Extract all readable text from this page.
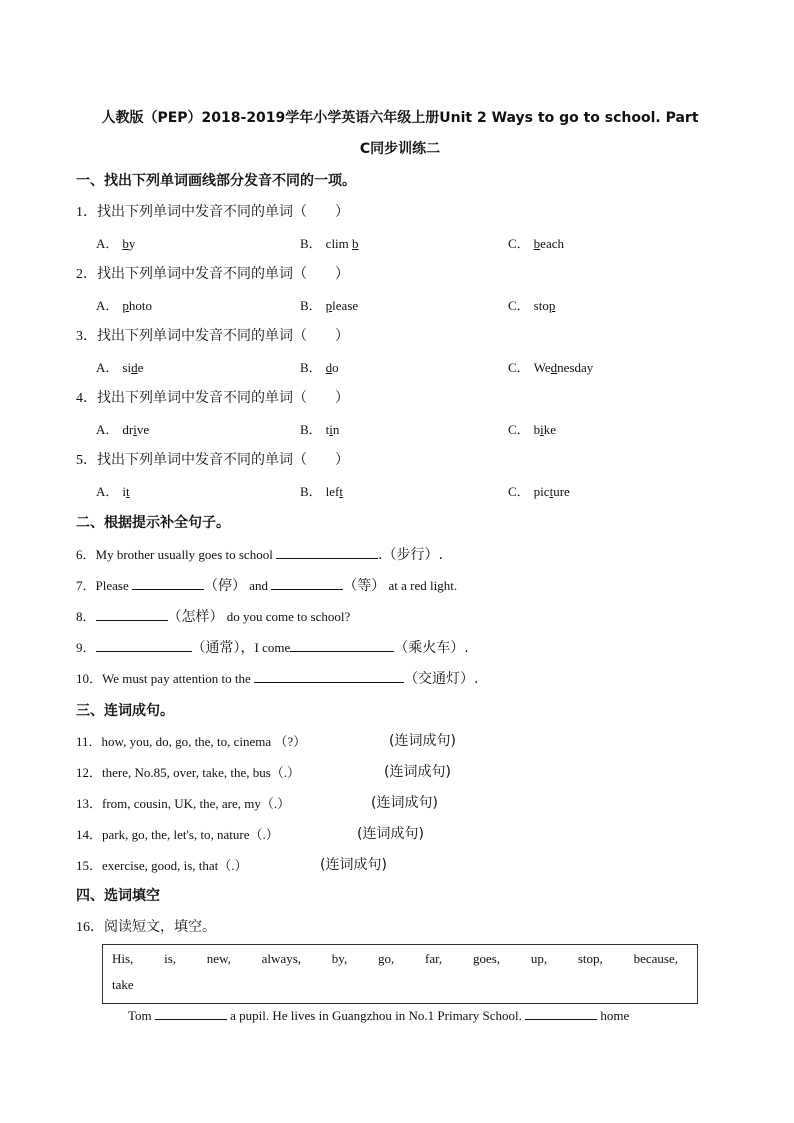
人教版（PEP）2018-2019学年小学英语六年级上册Unit 2 Ways to go to school. Part
C同步训练二
一、找出下列单词画线部分发音不同的一项。
1．找出下列单词中发音不同的单词（　　）
A． by	B． clim b	C． beach
2．找出下列单词中发音不同的单词（　　）
A． photo	B． please	C． stop
3．找出下列单词中发音不同的单词（　　）
A． side	B． do	C． Wednesday
4．找出下列单词中发音不同的单词（　　）
A． drive	B． tin	C． bike
5．找出下列单词中发音不同的单词（　　）
A． it	B． left	C． picture
二、根据提示补全句子。
6．My brother usually goes to school	.（步行）.
7．Please	（停） and	（等） at a red light.
8．	（怎样） do you come to school?
9．	（通常），I come	（乘火车）.
10．We must pay attention to the	（交通灯）.
三、连词成句。
11．how, you, do, go, the, to, cinema （?）	(连词成句)
12．there, No.85, over, take, the, bus（.）	(连词成句)
13．from, cousin, UK, the, are, my（.）	(连词成句)
14．park, go, the, let's, to, nature（.）	(连词成句)
15．exercise, good, is, that（.）	(连词成句)
四、选词填空
16．阅读短文，填空。
His, is, new, always, by, go, far, goes, up, stop, because,
take
Tom	a pupil. He lives in Guangzhou in No.1 Primary School.	home
